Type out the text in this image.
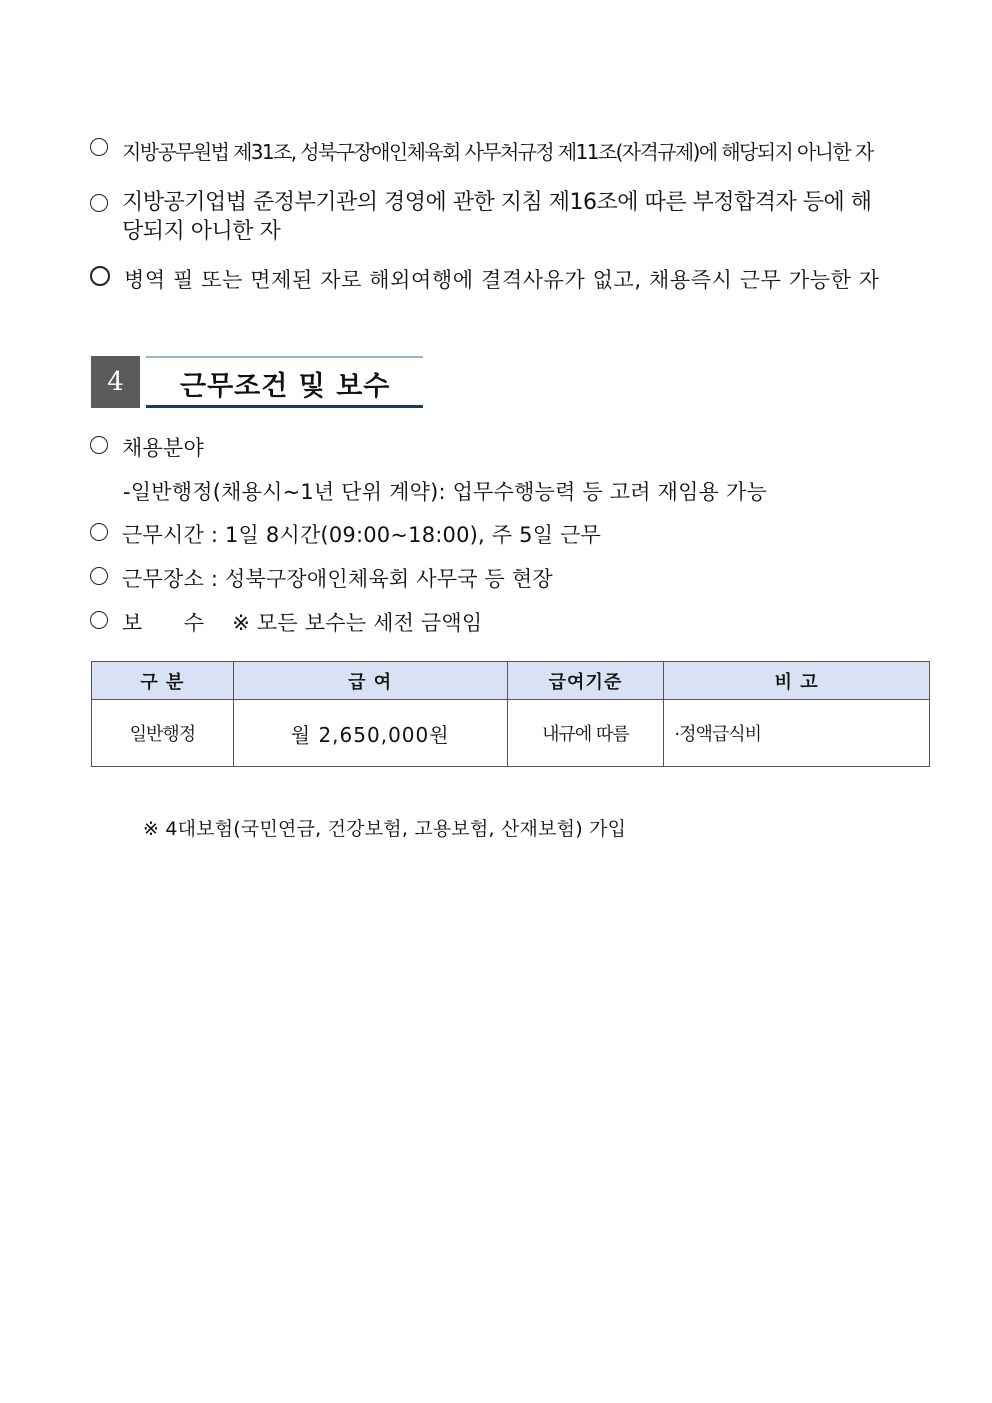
지방공무원법 제31조, 성북구장애인체육회 사무처규정 제11조(자격규제)에 해당되지 아니한 자
지방공기업법 준정부기관의 경영에 관한 지침 제16조에 따른 부정합격자 등에 해
당되지 아니한 자
병역 필 또는 면제된 자로 해외여행에 결격사유가 없고, 채용즉시 근무 가능한 자
4	근무조건 및 보수
채용분야
-일반행정(채용시~1년 단위 계약): 업무수행능력 등 고려 재임용 가능
근무시간 : 1일 8시간(09:00~18:00), 주 5일 근무
근무장소 : 성북구장애인체육회 사무국 등 현장
보      수 ※ 모든 보수는 세전 금액임
구 분	급 여	급여기준	비 고
일반행정	월 2,650,000원	내규에 따름	·정액급식비
※ 4대보험(국민연금, 건강보험, 고용보험, 산재보험) 가입
